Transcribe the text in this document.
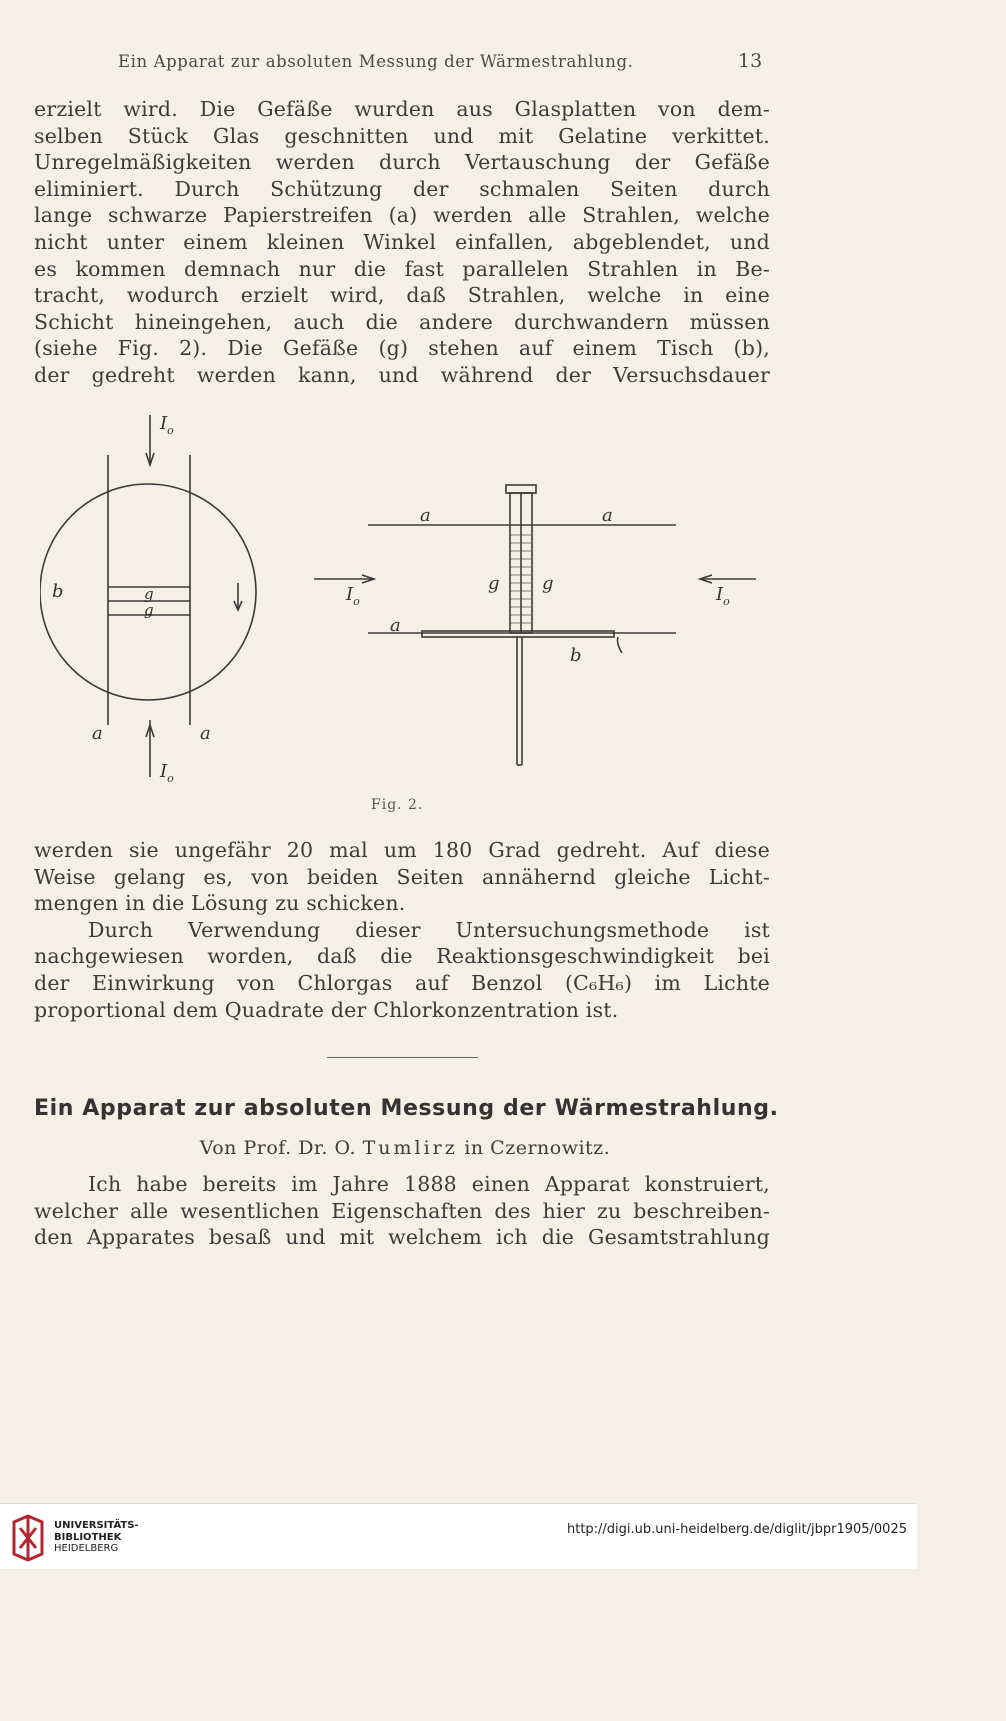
Ein Apparat zur absoluten Messung der Wärmestrahlung.	13
erzielt wird. Die Gefäße wurden aus Glasplatten von dem-
selben Stück Glas geschnitten und mit Gelatine verkittet.
Unregelmäßigkeiten werden durch Vertauschung der Gefäße
eliminiert. Durch Schützung der schmalen Seiten durch
lange schwarze Papierstreifen (a) werden alle Strahlen, welche
nicht unter einem kleinen Winkel einfallen, abgeblendet, und
es kommen demnach nur die fast parallelen Strahlen in Be-
tracht, wodurch erzielt wird, daß Strahlen, welche in eine
Schicht hineingehen, auch die andere durchwandern müssen
(siehe Fig. 2). Die Gefäße (g) stehen auf einem Tisch (b),
der gedreht werden kann, und während der Versuchsdauer
$I_o$
$I_o$
b	g
g
a	a
a	a
a
g g
b
$I_o$	$I_o$
Fig. 2.
werden sie ungefähr 20 mal um 180 Grad gedreht. Auf diese
Weise gelang es, von beiden Seiten annähernd gleiche Licht-
mengen in die Lösung zu schicken.
Durch Verwendung dieser Untersuchungsmethode ist
nachgewiesen worden, daß die Reaktionsgeschwindigkeit bei
der Einwirkung von Chlorgas auf Benzol (C₆H₆) im Lichte
proportional dem Quadrate der Chlorkonzentration ist.
Ein Apparat zur absoluten Messung der Wärmestrahlung.
Von Prof. Dr. O. Tumlirz in Czernowitz.
Ich habe bereits im Jahre 1888 einen Apparat konstruiert,
welcher alle wesentlichen Eigenschaften des hier zu beschreiben-
den Apparates besaß und mit welchem ich die Gesamtstrahlung
UNIVERSITÄTS-
BIBLIOTHEK
HEIDELBERG
http://digi.ub.uni-heidelberg.de/diglit/jbpr1905/0025
